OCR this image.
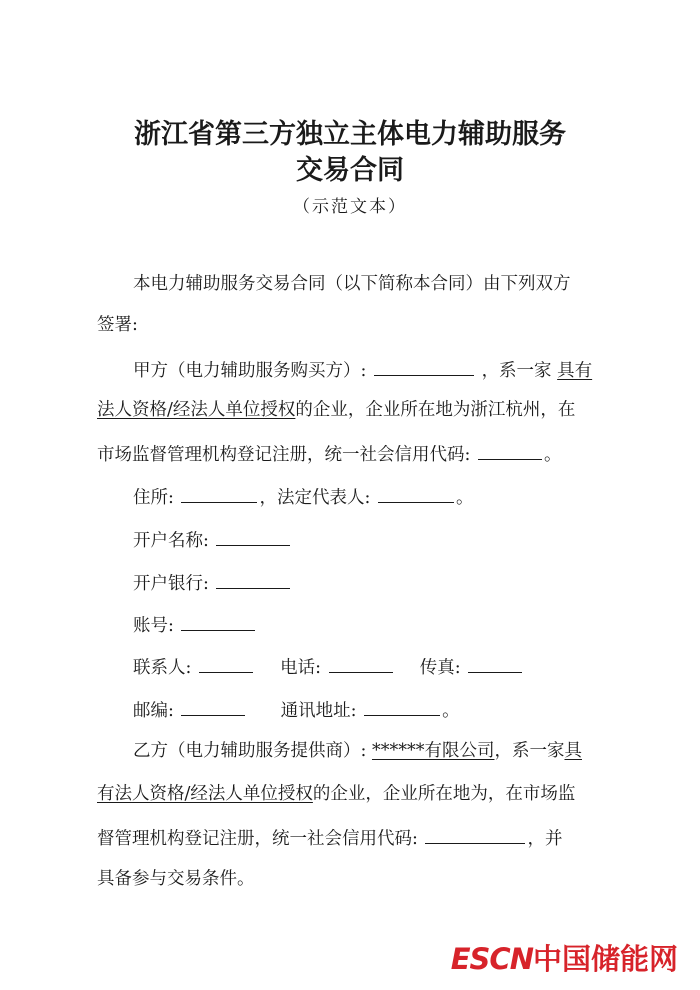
浙江省第三方独立主体电力辅助服务
交易合同
（示范文本）
本电力辅助服务交易合同（以下简称本合同）由下列双方
签署:
甲方（电力辅助服务购买方）:	，系一家 具有
法人资格/经法人单位授权的企业，企业所在地为浙江杭州，在
市场监督管理机构登记注册，统一社会信用代码:	。
住所:	，法定代表人:	。
开户名称:
开户银行:
账号:
联系人:	电话:	传真:
邮编:	通讯地址:	。
乙方（电力辅助服务提供商）: ******有限公司，系一家具
有法人资格/经法人单位授权的企业，企业所在地为，在市场监
督管理机构登记注册，统一社会信用代码:	，并
具备参与交易条件。
ESCN中国储能网
